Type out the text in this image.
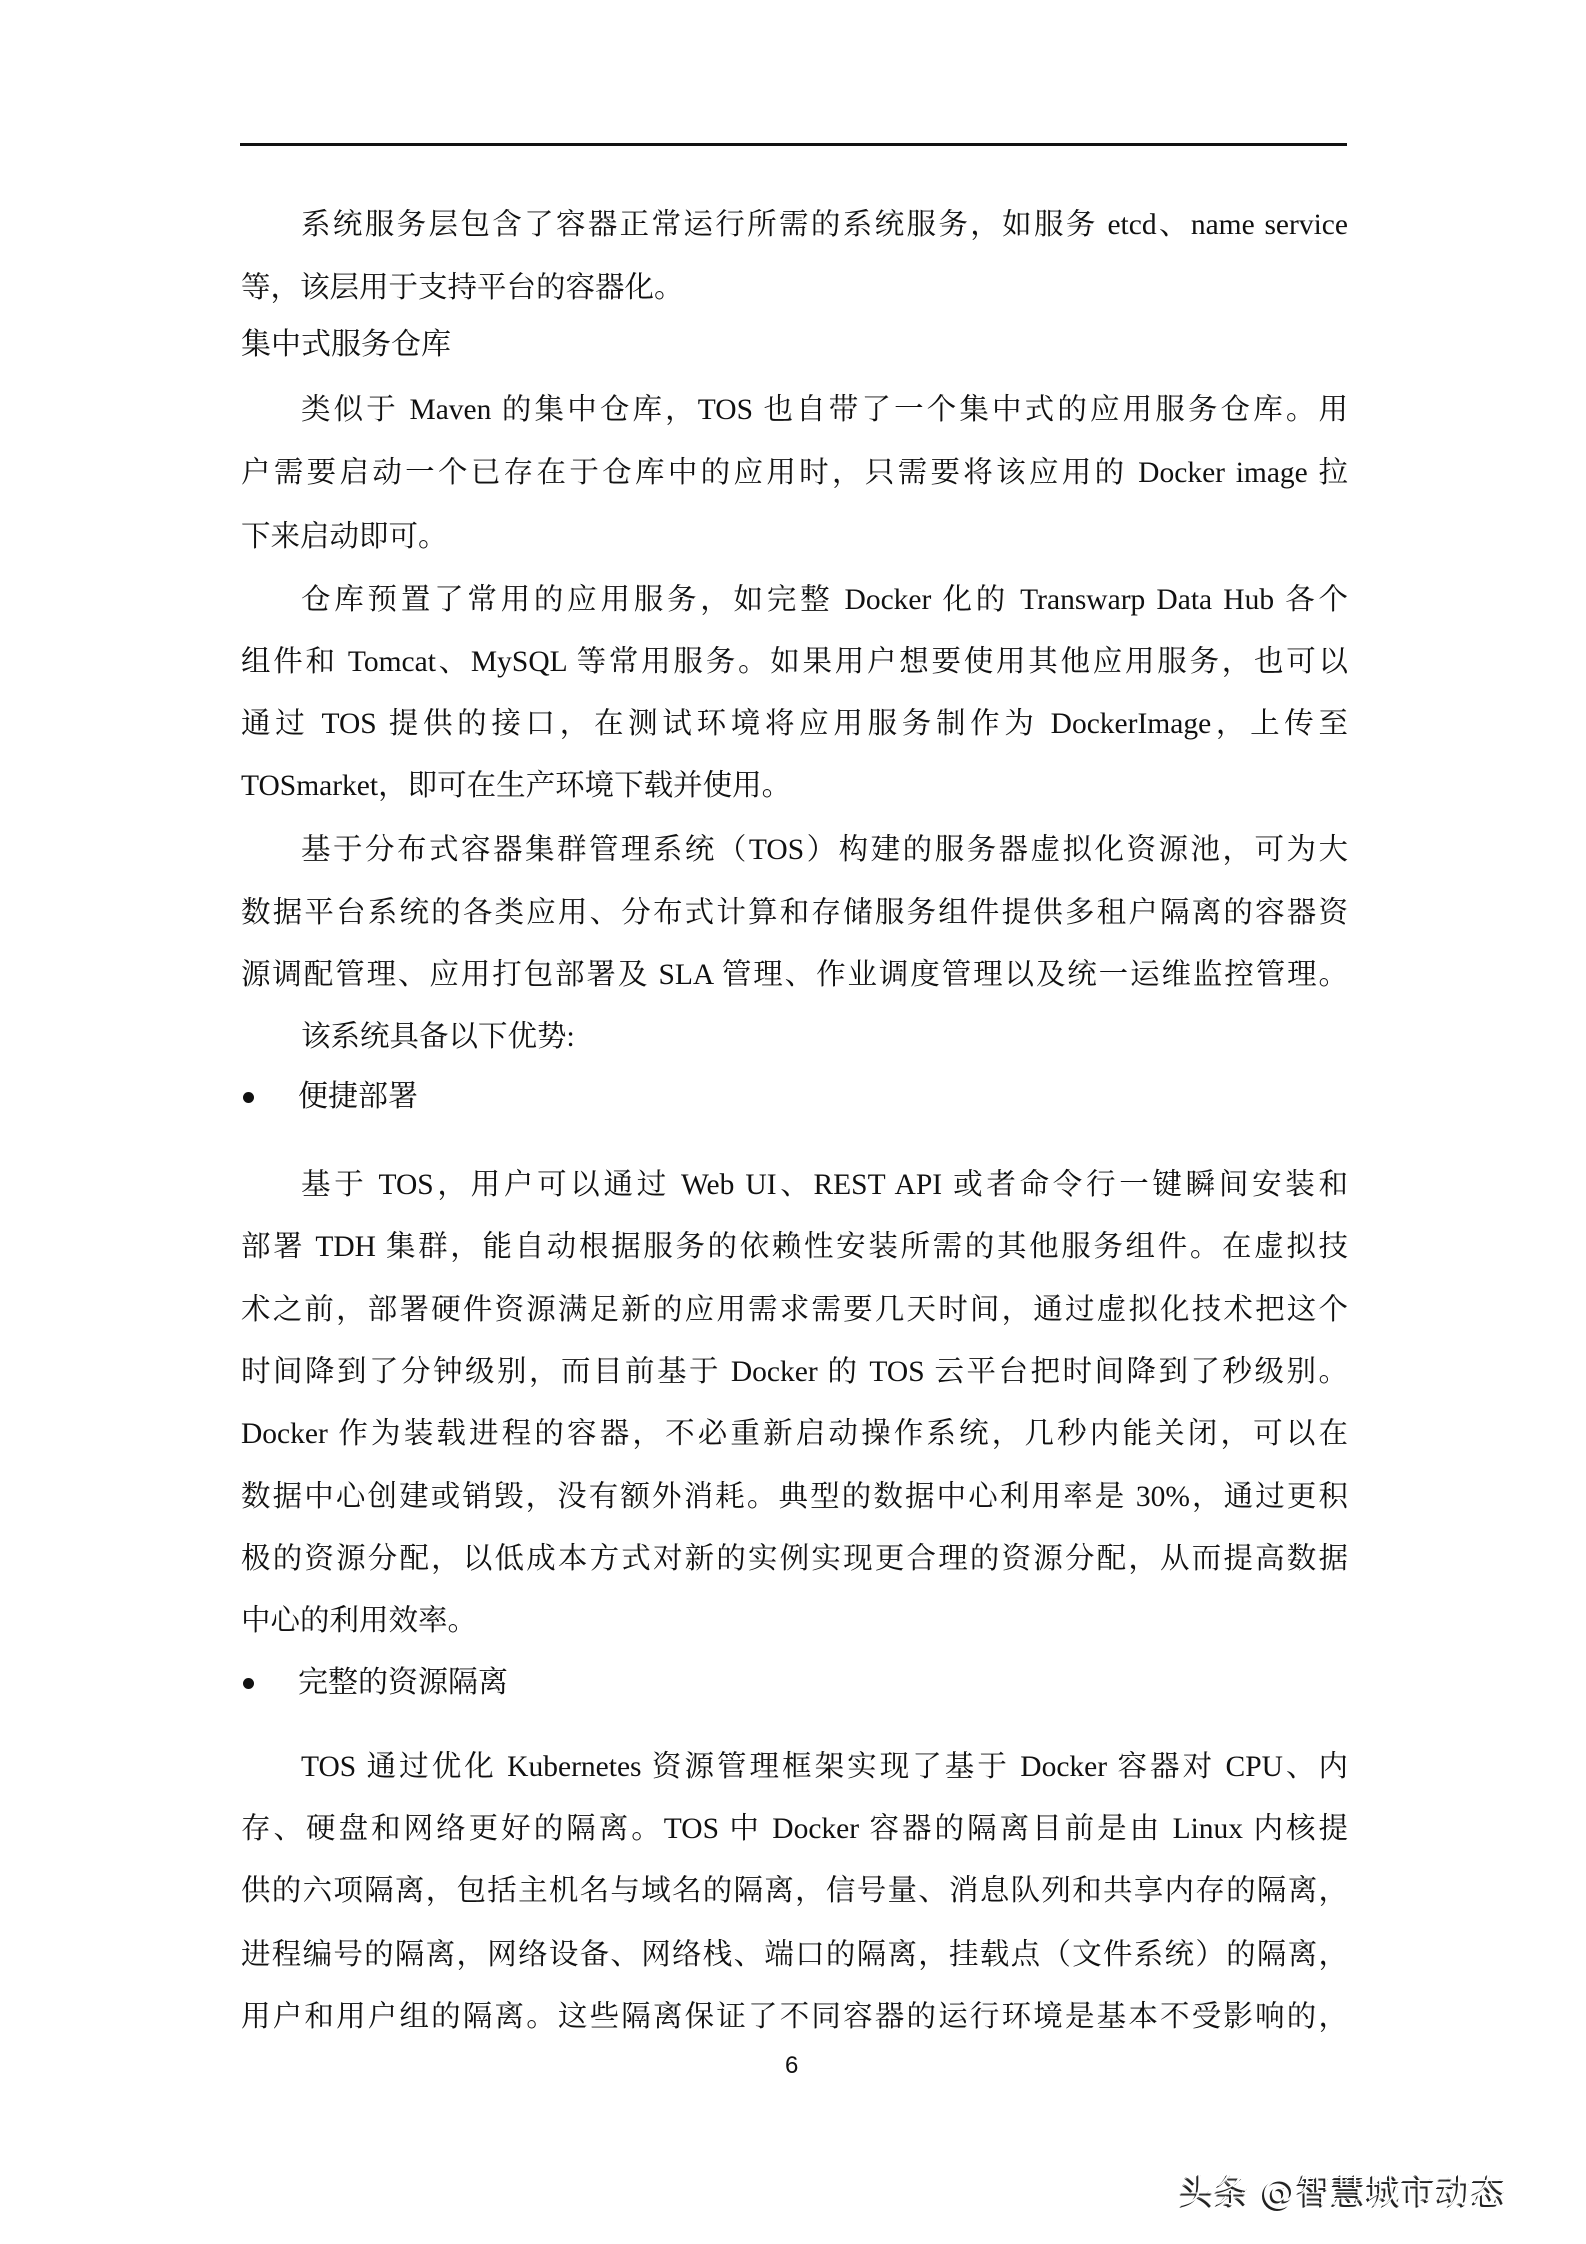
系统服务层包含了容器正常运行所需的系统服务，如服务 etcd、name service
等，该层用于支持平台的容器化。
集中式服务仓库
类似于 Maven 的集中仓库，TOS 也自带了一个集中式的应用服务仓库。用
户需要启动一个已存在于仓库中的应用时，只需要将该应用的 Docker image 拉
下来启动即可。
仓库预置了常用的应用服务，如完整 Docker 化的 Transwarp Data Hub 各个
组件和 Tomcat、MySQL 等常用服务。如果用户想要使用其他应用服务，也可以
通过 TOS 提供的接口，在测试环境将应用服务制作为 DockerImage，上传至
TOSmarket，即可在生产环境下载并使用。
基于分布式容器集群管理系统（TOS）构建的服务器虚拟化资源池，可为大
数据平台系统的各类应用、分布式计算和存储服务组件提供多租户隔离的容器资
源调配管理、应用打包部署及 SLA 管理、作业调度管理以及统一运维监控管理。
该系统具备以下优势:
便捷部署
基于 TOS，用户可以通过 Web UI、REST API 或者命令行一键瞬间安装和
部署 TDH 集群，能自动根据服务的依赖性安装所需的其他服务组件。在虚拟技
术之前，部署硬件资源满足新的应用需求需要几天时间，通过虚拟化技术把这个
时间降到了分钟级别，而目前基于 Docker 的 TOS 云平台把时间降到了秒级别。
Docker 作为装载进程的容器，不必重新启动操作系统，几秒内能关闭，可以在
数据中心创建或销毁，没有额外消耗。典型的数据中心利用率是 30%，通过更积
极的资源分配，以低成本方式对新的实例实现更合理的资源分配，从而提高数据
中心的利用效率。
完整的资源隔离
TOS 通过优化 Kubernetes 资源管理框架实现了基于 Docker 容器对 CPU、内
存、硬盘和网络更好的隔离。TOS 中 Docker 容器的隔离目前是由 Linux 内核提
供的六项隔离，包括主机名与域名的隔离，信号量、消息队列和共享内存的隔离，
进程编号的隔离，网络设备、网络栈、端口的隔离，挂载点（文件系统）的隔离，
用户和用户组的隔离。这些隔离保证了不同容器的运行环境是基本不受影响的，
6
头条 @智慧城市动态
